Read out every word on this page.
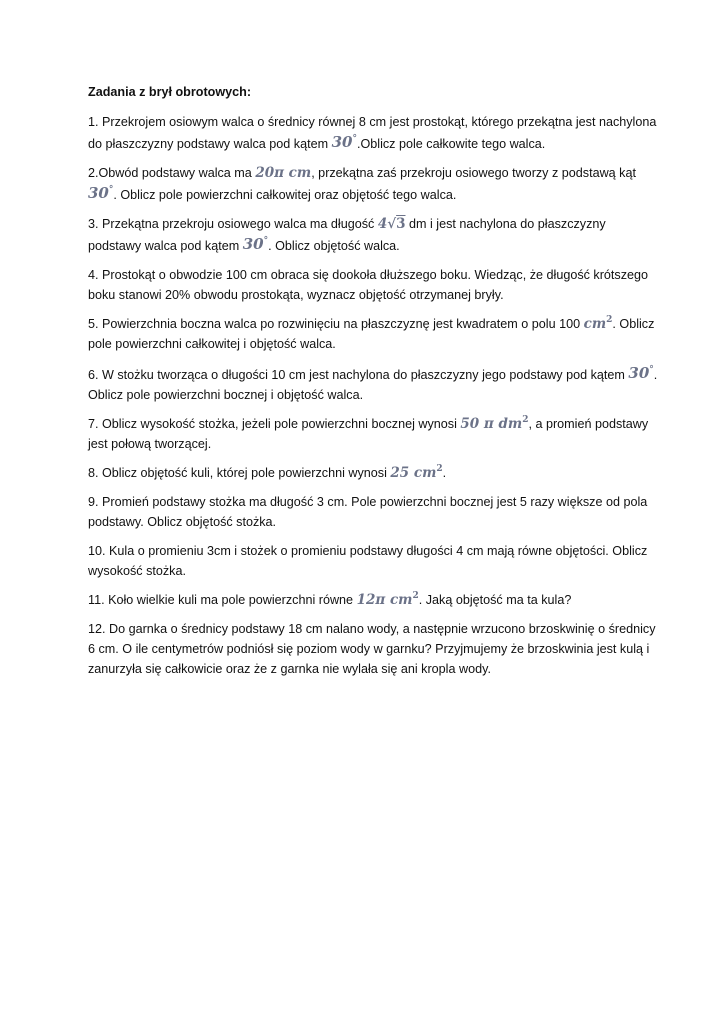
Zadania z brył obrotowych:

1. Przekrojem osiowym walca o średnicy równej 8 cm jest prostokąt, którego przekątna jest nachylona do płaszczyzny podstawy walca pod kątem 30°.Oblicz pole całkowite tego walca.

2.Obwód podstawy walca ma 20π cm, przekątna zaś przekroju osiowego tworzy z podstawą kąt 30°. Oblicz pole powierzchni całkowitej oraz objętość tego walca.

3. Przekątna przekroju osiowego walca ma długość 4√3 dm i jest nachylona do płaszczyzny podstawy walca pod kątem 30°. Oblicz objętość walca.

4. Prostokąt o obwodzie 100 cm obraca się dookoła dłuższego boku. Wiedząc, że długość krótszego boku stanowi 20% obwodu prostokąta, wyznacz objętość otrzymanej bryły.

5. Powierzchnia boczna walca po rozwinięciu na płaszczyznę jest kwadratem o polu 100 $cm^2$. Oblicz pole powierzchni całkowitej i objętość walca.

6. W stożku tworząca o długości 10 cm jest nachylona do płaszczyzny jego podstawy pod kątem 30°. Oblicz pole powierzchni bocznej i objętość walca.

7. Oblicz wysokość stożka, jeżeli pole powierzchni bocznej wynosi 50 π $dm^2$, a promień podstawy jest połową tworzącej.

8. Oblicz objętość kuli, której pole powierzchni wynosi 25 $cm^2$.

9. Promień podstawy stożka ma długość 3 cm. Pole powierzchni bocznej jest 5 razy większe od pola podstawy. Oblicz objętość stożka.

10. Kula o promieniu 3cm i stożek o promieniu podstawy długości 4 cm mają równe objętości. Oblicz wysokość stożka.

11. Koło wielkie kuli ma pole powierzchni równe 12π $cm^2$. Jaką objętość ma ta kula?

12. Do garnka o średnicy podstawy 18 cm nalano wody, a następnie wrzucono brzoskwinię o średnicy 6 cm. O ile centymetrów podniósł się poziom wody w garnku? Przyjmujemy że brzoskwinia jest kulą i zanurzyła się całkowicie oraz że z garnka nie wylała się ani kropla wody.
